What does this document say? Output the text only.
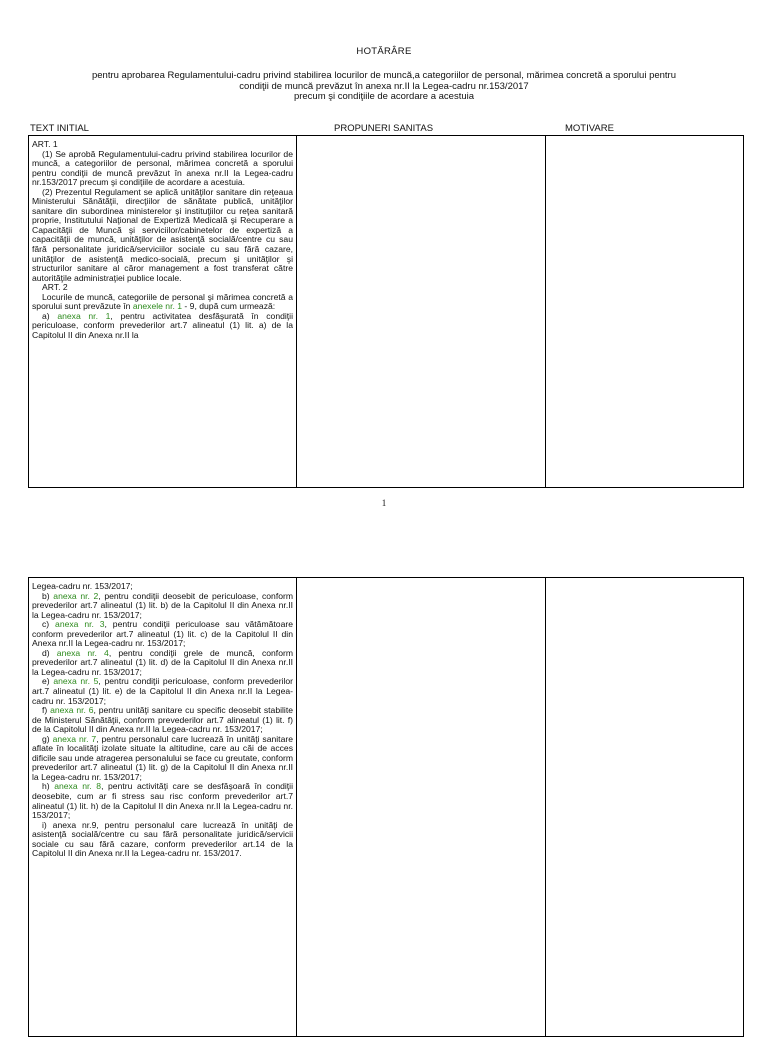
HOTĂRÂRE
pentru aprobarea Regulamentului-cadru privind stabilirea locurilor de muncă,a categoriilor de personal, mărimea concretă a sporului pentru
condiţii de muncă prevăzut în anexa nr.II la Legea-cadru nr.153/2017
precum şi condiţiile de acordare a acestuia
TEXT INITIAL	PROPUNERI SANITAS	MOTIVARE

ART. 1

(1) Se aprobă Regulamentului-cadru privind stabilirea locurilor de muncă, a categoriilor de personal, mărimea concretă a sporului pentru condiţii de muncă prevăzut în anexa nr.II la Legea-cadru nr.153/2017 precum şi condiţiile de acordare a acestuia.

(2) Prezentul Regulament se aplică unităţilor sanitare din reţeaua Ministerului Sănătăţii, direcţiilor de sănătate publică, unităţilor sanitare din subordinea ministerelor şi instituţiilor cu reţea sanitară proprie, Institutului Naţional de Expertiză Medicală şi Recuperare a Capacităţii de Muncă şi serviciilor/cabinetelor de expertiză a capacităţii de muncă, unităţilor de asistenţă socială/centre cu sau fără personalitate juridică/serviciilor sociale cu sau fără cazare, unităţilor de asistenţă medico-socială, precum şi unităţilor şi structurilor sanitare al căror management a fost transferat către autorităţile administraţiei publice locale.

ART. 2

Locurile de muncă, categoriile de personal şi mărimea concretă a sporului sunt prevăzute în anexele nr. 1 - 9, după cum urmează:

a) anexa nr. 1, pentru activitatea desfăşurată în condiţii periculoase, conform prevederilor art.7 alineatul (1) lit. a) de la Capitolul II din Anexa nr.II la

1

Legea-cadru nr. 153/2017;

b) anexa nr. 2, pentru condiţii deosebit de periculoase, conform prevederilor art.7 alineatul (1) lit. b) de la Capitolul II din Anexa nr.II la Legea-cadru nr. 153/2017;

c) anexa nr. 3, pentru condiţii periculoase sau vătămătoare conform prevederilor art.7 alineatul (1) lit. c) de la Capitolul II din Anexa nr.II la Legea-cadru nr. 153/2017;

d) anexa nr. 4, pentru condiţii grele de muncă, conform prevederilor art.7 alineatul (1) lit. d) de la Capitolul II din Anexa nr.II la Legea-cadru nr. 153/2017;

e) anexa nr. 5, pentru condiţii periculoase, conform prevederilor art.7 alineatul (1) lit. e) de la Capitolul II din Anexa nr.II la Legea-cadru nr. 153/2017;

f) anexa nr. 6, pentru unităţi sanitare cu specific deosebit stabilite de Ministerul Sănătăţii, conform prevederilor art.7 alineatul (1) lit. f) de la Capitolul II din Anexa nr.II la Legea-cadru nr. 153/2017;

g) anexa nr. 7, pentru personalul care lucrează în unităţi sanitare aflate în localităţi izolate situate la altitudine, care au căi de acces dificile sau unde atragerea personalului se face cu greutate, conform prevederilor art.7 alineatul (1) lit. g) de la Capitolul II din Anexa nr.II la Legea-cadru nr. 153/2017;

h) anexa nr. 8, pentru activităţi care se desfăşoară în condiţii deosebite, cum ar fi stress sau risc conform prevederilor art.7 alineatul (1) lit. h) de la Capitolul II din Anexa nr.II la Legea-cadru nr. 153/2017;

i) anexa nr.9, pentru personalul care lucrează în unităţi de asistenţă socială/centre cu sau fără personalitate juridică/servicii sociale cu sau fără cazare, conform prevederilor art.14 de la Capitolul II din Anexa nr.II la Legea-cadru nr. 153/2017.
